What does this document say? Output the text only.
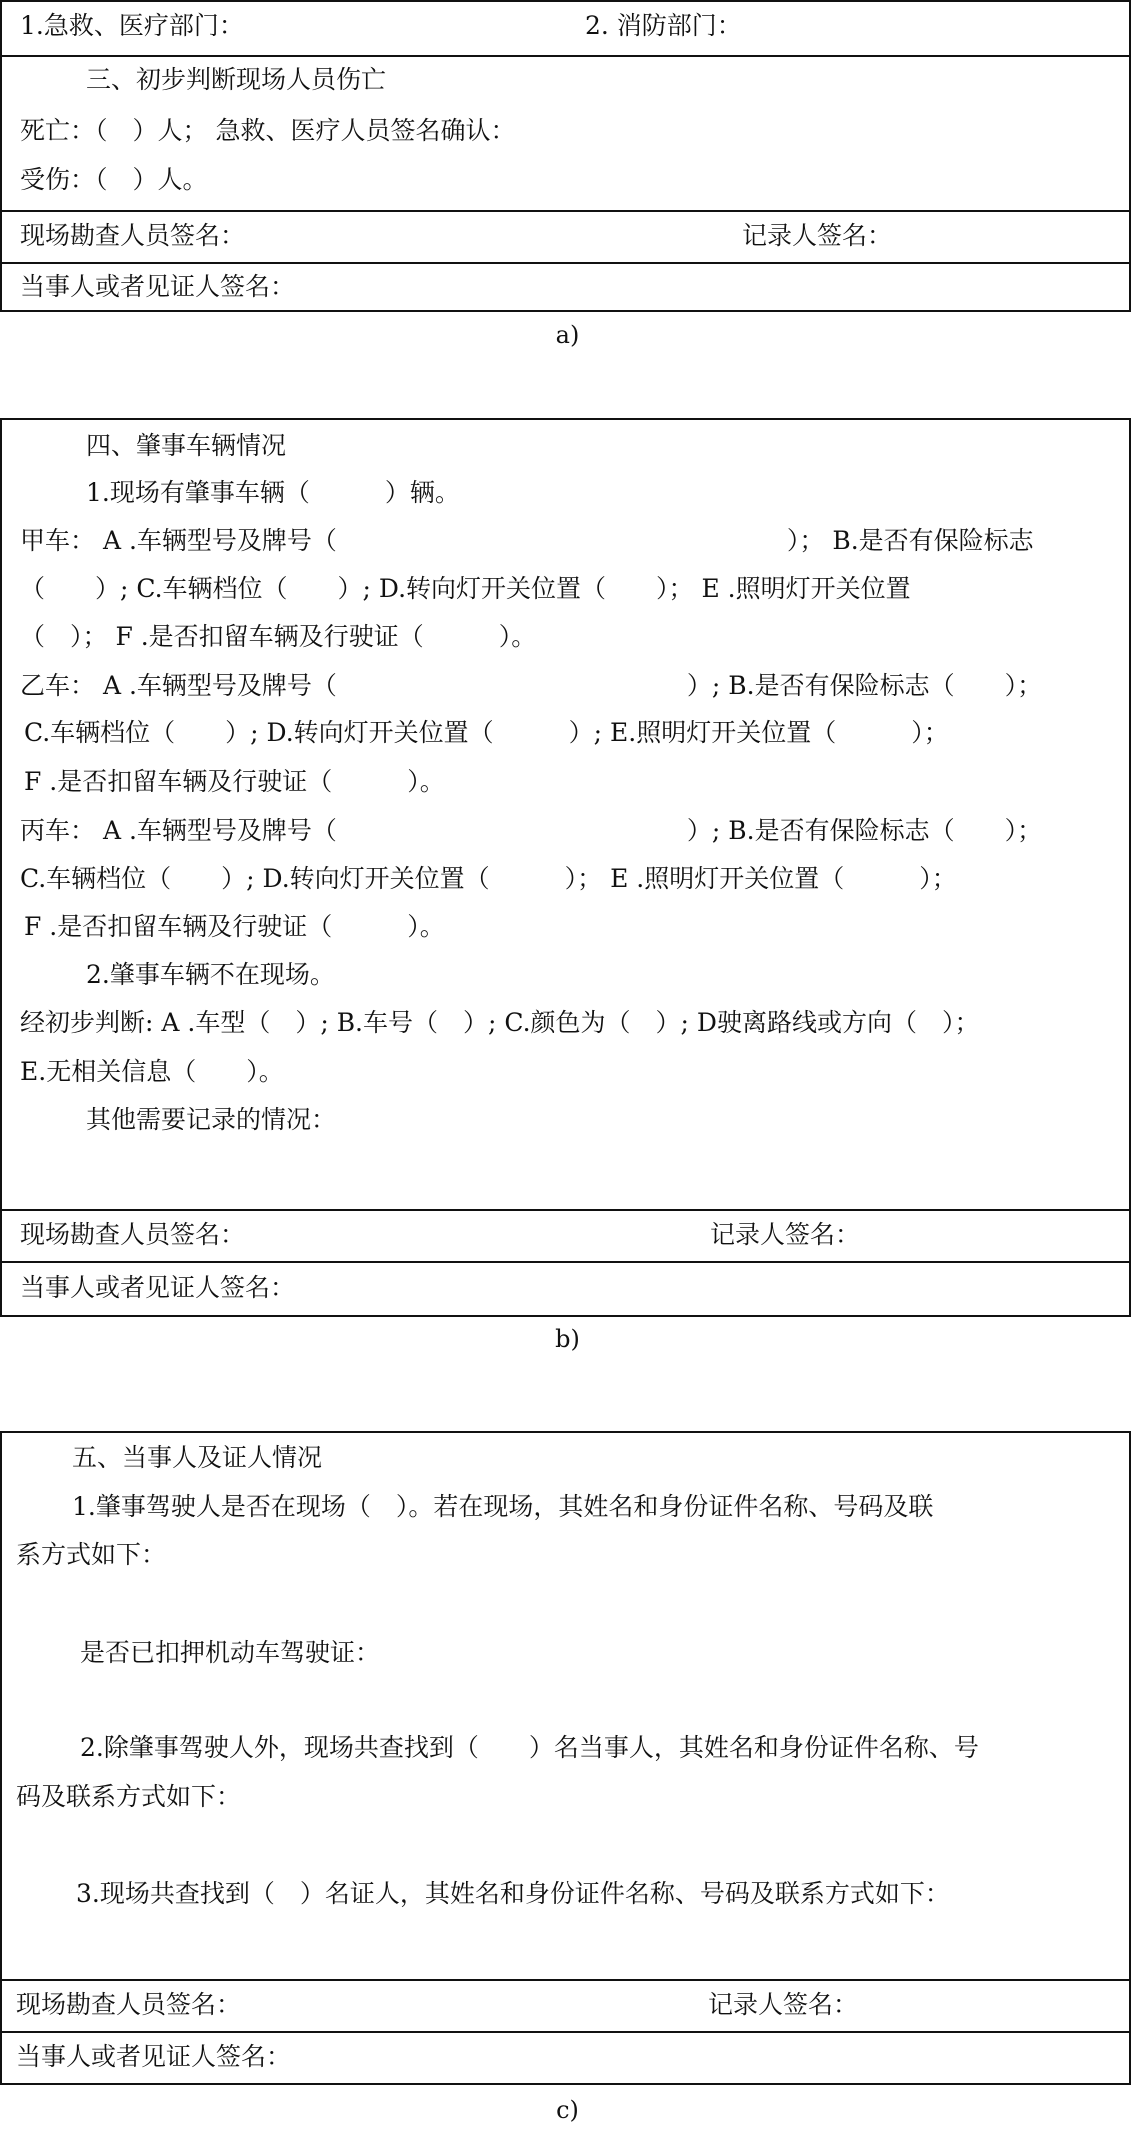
1.急救、医疗部门：	2. 消防部门：
三、初步判断现场人员伤亡
死亡：（　）人； 急救、医疗人员签名确认：
受伤：（　）人。
现场勘查人员签名：	记录人签名：
当事人或者见证人签名：
a)
四、肇事车辆情况
1.现场有肇事车辆（　　　）辆。
甲车： A .车辆型号及牌号（　　　　　　　　　　　　　　　　　　）； B.是否有保险标志
（　　）; C.车辆档位（　　）; D.转向灯开关位置（　　）； E .照明灯开关位置
（　）； F .是否扣留车辆及行驶证（　　　）。
乙车： A .车辆型号及牌号（　　　　　　　　　　　　　　）; B.是否有保险标志（　　）；
C.车辆档位（　　）; D.转向灯开关位置（　　　）; E.照明灯开关位置（　　　）；
F .是否扣留车辆及行驶证（　　　）。
丙车： A .车辆型号及牌号（　　　　　　　　　　　　　　）; B.是否有保险标志（　　）；
C.车辆档位（　　）; D.转向灯开关位置（　　　）； E .照明灯开关位置（　　　）；
F .是否扣留车辆及行驶证（　　　）。
2.肇事车辆不在现场。
经初步判断: A .车型（　）; B.车号（　）; C.颜色为（　）; D驶离路线或方向（　）；
E.无相关信息（　　）。
其他需要记录的情况：
现场勘查人员签名：	记录人签名：
当事人或者见证人签名：
b)
五、当事人及证人情况
1.肇事驾驶人是否在现场（　）。若在现场，其姓名和身份证件名称、号码及联
系方式如下：
是否已扣押机动车驾驶证：
2.除肇事驾驶人外，现场共查找到（　　）名当事人，其姓名和身份证件名称、号
码及联系方式如下：
3.现场共查找到（　）名证人，其姓名和身份证件名称、号码及联系方式如下：
现场勘查人员签名：	记录人签名：
当事人或者见证人签名：
c)
